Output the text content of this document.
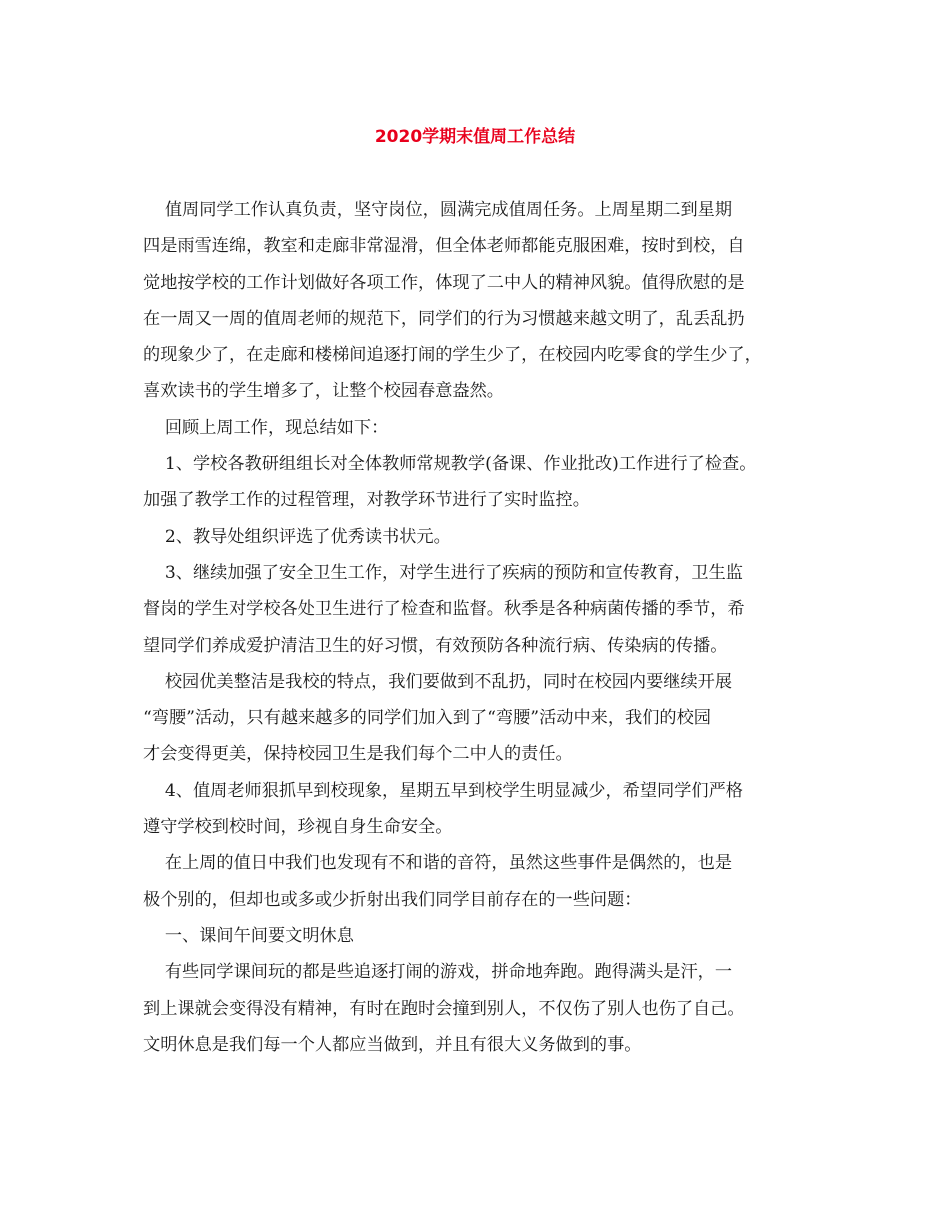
2020学期末值周工作总结

值周同学工作认真负责，坚守岗位，圆满完成值周任务。上周星期二到星期

四是雨雪连绵，教室和走廊非常湿滑，但全体老师都能克服困难，按时到校，自

觉地按学校的工作计划做好各项工作，体现了二中人的精神风貌。值得欣慰的是

在一周又一周的值周老师的规范下，同学们的行为习惯越来越文明了，乱丢乱扔

的现象少了，在走廊和楼梯间追逐打闹的学生少了，在校园内吃零食的学生少了，

喜欢读书的学生增多了，让整个校园春意盎然。

回顾上周工作，现总结如下：

1、学校各教研组组长对全体教师常规教学(备课、作业批改)工作进行了检查。

加强了教学工作的过程管理，对教学环节进行了实时监控。

2、教导处组织评选了优秀读书状元。

3、继续加强了安全卫生工作，对学生进行了疾病的预防和宣传教育，卫生监

督岗的学生对学校各处卫生进行了检查和监督。秋季是各种病菌传播的季节，希

望同学们养成爱护清洁卫生的好习惯，有效预防各种流行病、传染病的传播。

校园优美整洁是我校的特点，我们要做到不乱扔，同时在校园内要继续开展

“弯腰”活动，只有越来越多的同学们加入到了“弯腰”活动中来，我们的校园

才会变得更美，保持校园卫生是我们每个二中人的责任。

4、值周老师狠抓早到校现象，星期五早到校学生明显减少，希望同学们严格

遵守学校到校时间，珍视自身生命安全。

在上周的值日中我们也发现有不和谐的音符，虽然这些事件是偶然的，也是

极个别的，但却也或多或少折射出我们同学目前存在的一些问题：

一、课间午间要文明休息

有些同学课间玩的都是些追逐打闹的游戏，拼命地奔跑。跑得满头是汗，一

到上课就会变得没有精神，有时在跑时会撞到别人，不仅伤了别人也伤了自己。

文明休息是我们每一个人都应当做到，并且有很大义务做到的事。
